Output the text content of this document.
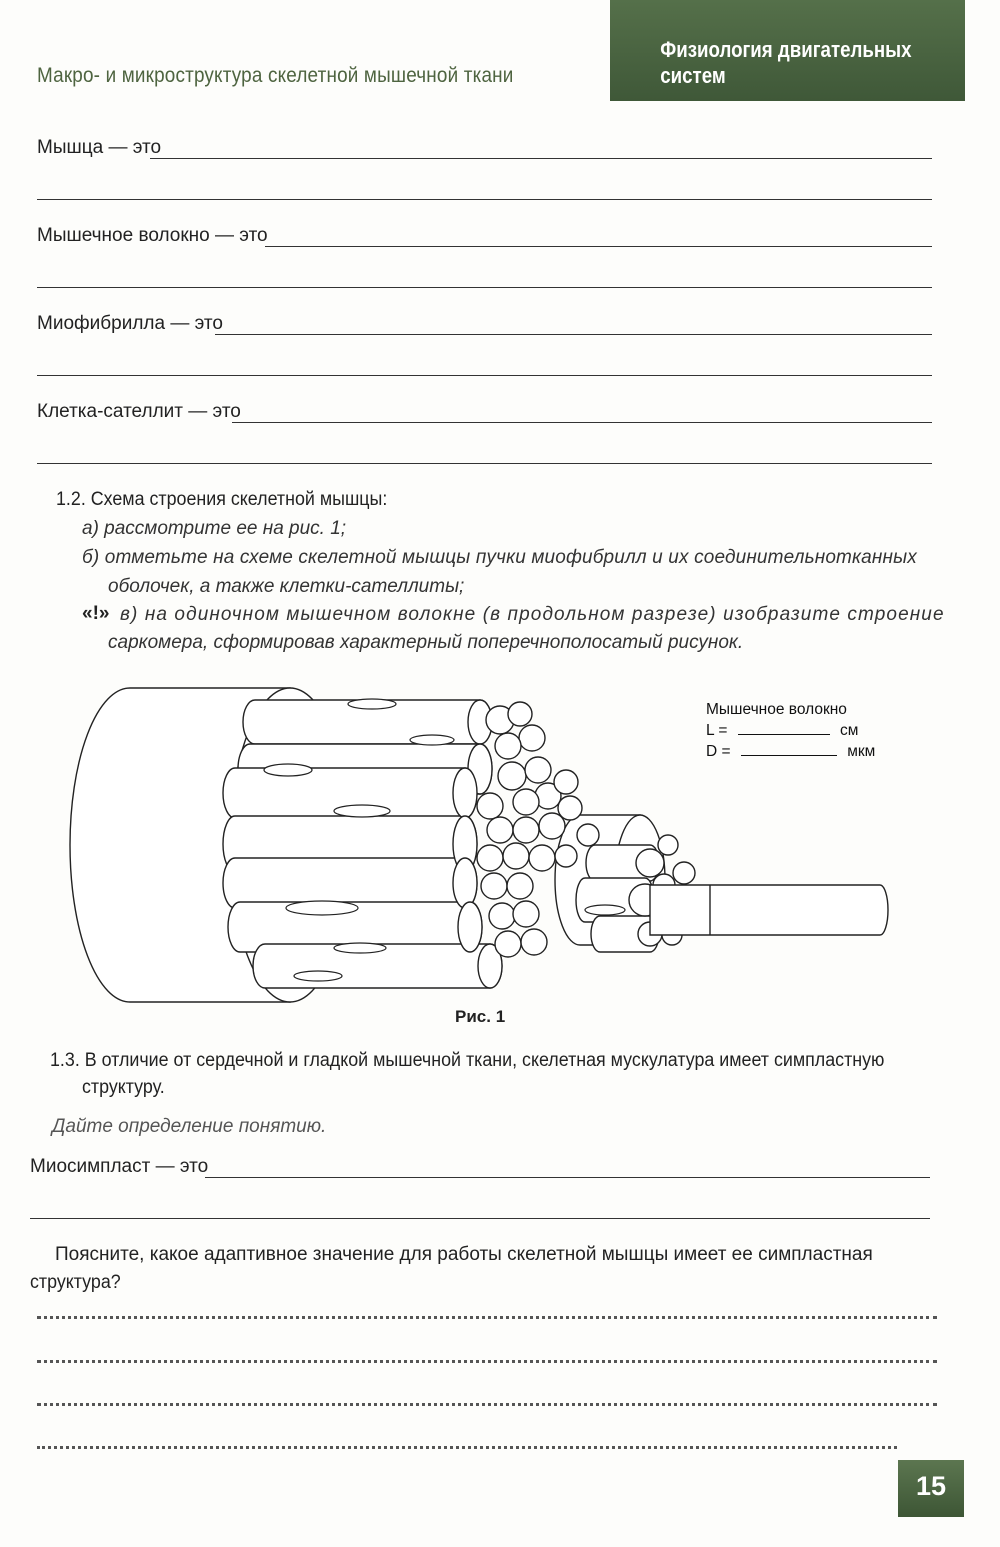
Макро- и микроструктура скелетной мышечной ткани
Физиология двигательных систем
Мышца — это
Мышечное волокно — это
Миофибрилла — это
Клетка-сателлит — это
1.2. Схема строения скелетной мышцы:
а) рассмотрите ее на рис. 1;
б) отметьте на схеме скелетной мышцы пучки миофибрилл и их соединительнотканных
оболочек, а также клетки-сателлиты;
«!» в) на одиночном мышечном волокне (в продольном разрезе) изобразите строение
саркомера, сформировав характерный поперечнополосатый рисунок.
Мышечное волокно
L =	см
D =	мкм
Рис. 1
1.3. В отличие от сердечной и гладкой мышечной ткани, скелетная мускулатура имеет симпластную
структуру.
Дайте определение понятию.
Миосимпласт — это
Поясните, какое адаптивное значение для работы скелетной мышцы имеет ее симпластная
структура?
15
